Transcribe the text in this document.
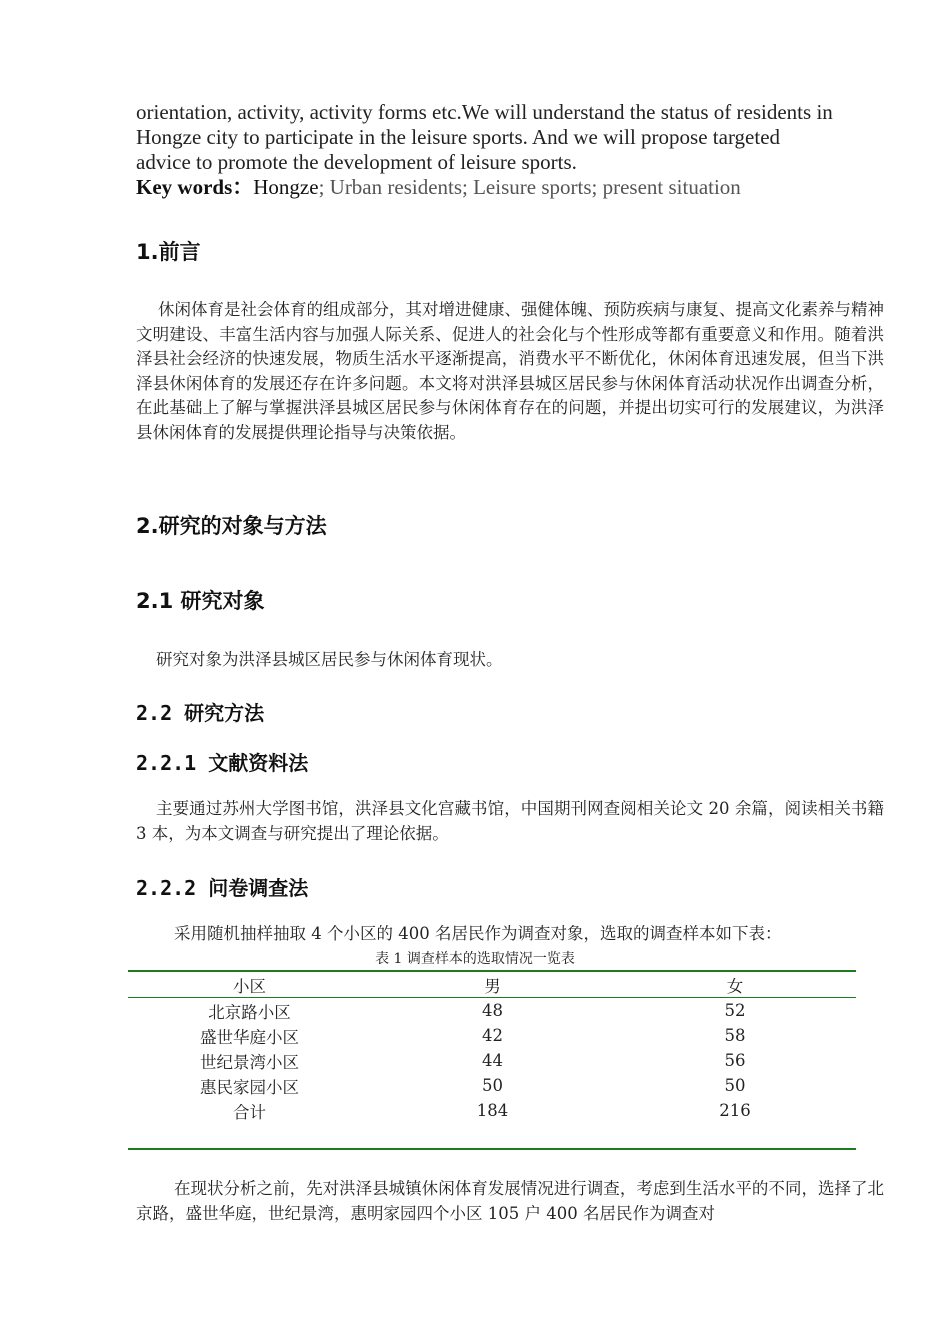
orientation, activity, activity forms etc.We will understand the status of residents in
Hongze city to participate in the leisure sports. And we will propose targeted
advice to promote the development of leisure sports.
Key words：Hongze; Urban residents; Leisure sports; present situation
1.前言

休闲体育是社会体育的组成部分，其对增进健康、强健体魄、预防疾病与康复、提高文化素养与精神文明建设、丰富生活内容与加强人际关系、促进人的社会化与个性形成等都有重要意义和作用。随着洪泽县社会经济的快速发展，物质生活水平逐渐提高，消费水平不断优化，休闲体育迅速发展，但当下洪泽县休闲体育的发展还存在许多问题。本文将对洪泽县城区居民参与休闲体育活动状况作出调查分析，在此基础上了解与掌握洪泽县城区居民参与休闲体育存在的问题，并提出切实可行的发展建议，为洪泽县休闲体育的发展提供理论指导与决策依据。

2.研究的对象与方法
2.1 研究对象

研究对象为洪泽县城区居民参与休闲体育现状。

2.2 研究方法
2.2.1 文献资料法

主要通过苏州大学图书馆，洪泽县文化宫藏书馆，中国期刊网查阅相关论文 20 余篇，阅读相关书籍 3 本，为本文调查与研究提出了理论依据。

2.2.2 问卷调查法

采用随机抽样抽取 4 个小区的 400 名居民作为调查对象，选取的调查样本如下表：

表 1 调查样本的选取情况一览表
小区	男	女
北京路小区	48	52
盛世华庭小区	42	58
世纪景湾小区	44	56
惠民家园小区	50	50
合计	184	216

在现状分析之前，先对洪泽县城镇休闲体育发展情况进行调查，考虑到生活水平的不同，选择了北京路，盛世华庭，世纪景湾，惠明家园四个小区 105 户 400 名居民作为调查对
